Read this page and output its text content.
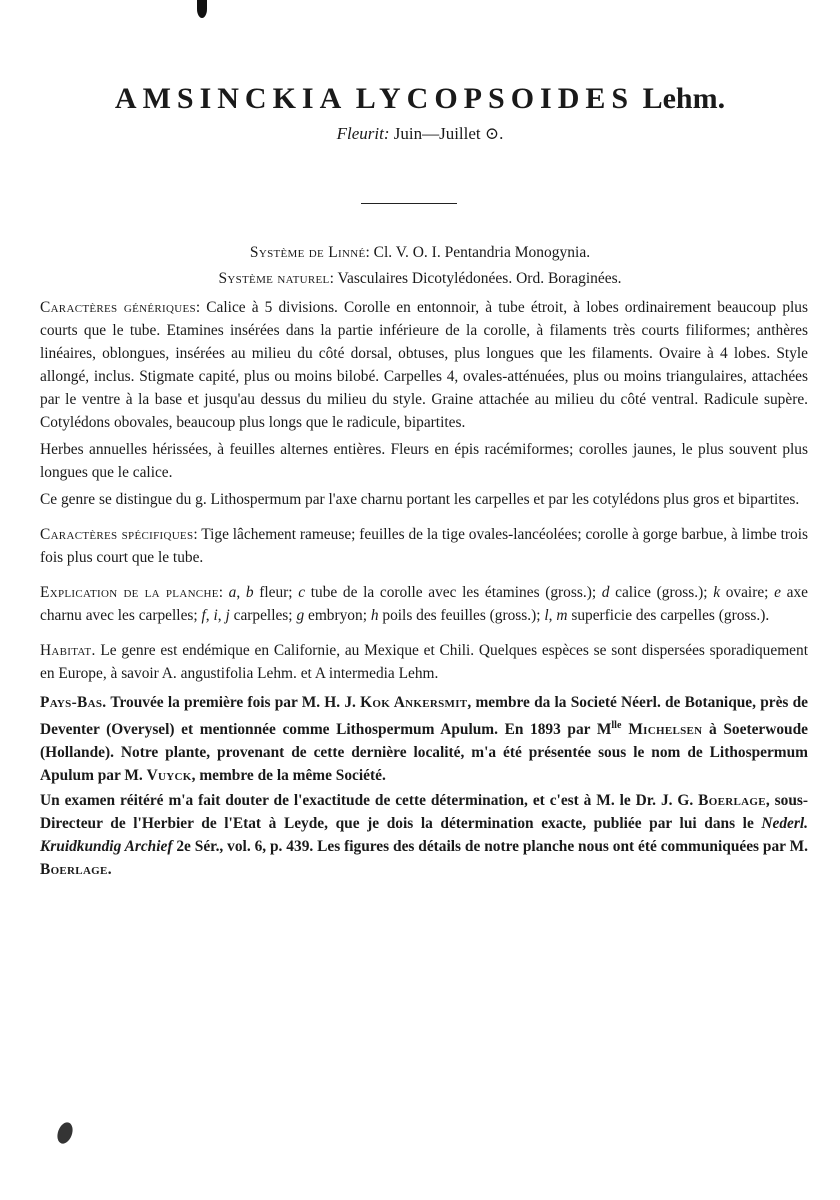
AMSINCKIA LYCOPSOIDES Lehm.
Fleurit: Juin—Juillet ⊙.
Système de Linné: Cl. V. O. I. Pentandria Monogynia.
Système naturel: Vasculaires Dicotylédonées. Ord. Boraginées.

Caractères génériques: Calice à 5 divisions. Corolle en entonnoir, à tube étroit, à lobes ordinairement beaucoup plus courts que le tube. Etamines insérées dans la partie inférieure de la corolle, à filaments très courts filiformes; anthères linéaires, oblongues, insérées au milieu du côté dorsal, obtuses, plus longues que les filaments. Ovaire à 4 lobes. Style allongé, inclus. Stigmate capité, plus ou moins bilobé. Carpelles 4, ovales-atténuées, plus ou moins triangulaires, attachées par le ventre à la base et jusqu'au dessus du milieu du style. Graine attachée au milieu du côté ventral. Radicule supère. Cotylédons obovales, beaucoup plus longs que le radicule, bipartites.

Herbes annuelles hérissées, à feuilles alternes entières. Fleurs en épis racémiformes; corolles jaunes, le plus souvent plus longues que le calice.

Ce genre se distingue du g. Lithospermum par l'axe charnu portant les carpelles et par les cotylédons plus gros et bipartites.

Caractères spécifiques: Tige lâchement rameuse; feuilles de la tige ovales-lancéolées; corolle à gorge barbue, à limbe trois fois plus court que le tube.

Explication de la planche: a, b fleur; c tube de la corolle avec les étamines (gross.); d calice (gross.); k ovaire; e axe charnu avec les carpelles; f, i, j carpelles; g embryon; h poils des feuilles (gross.); l, m superficie des carpelles (gross.).

Habitat. Le genre est endémique en Californie, au Mexique et Chili. Quelques espèces se sont dispersées sporadiquement en Europe, à savoir A. angustifolia Lehm. et A intermedia Lehm.

Pays-Bas. Trouvée la première fois par M. H. J. Kok Ankersmit, membre da la Societé Néerl. de Botanique, près de Deventer (Overysel) et mentionnée comme Lithospermum Apulum. En 1893 par $M^{lle}$ Michelsen à Soeterwoude (Hollande). Notre plante, provenant de cette dernière localité, m'a été présentée sous le nom de Lithospermum Apulum par M. Vuyck, membre de la même Société.

Un examen réitéré m'a fait douter de l'exactitude de cette détermination, et c'est à M. le Dr. J. G. Boerlage, sous-Directeur de l'Herbier de l'Etat à Leyde, que je dois la détermination exacte, publiée par lui dans le Nederl. Kruidkundig Archief 2e Sér., vol. 6, p. 439. Les figures des détails de notre planche nous ont été communiquées par M. Boerlage.
